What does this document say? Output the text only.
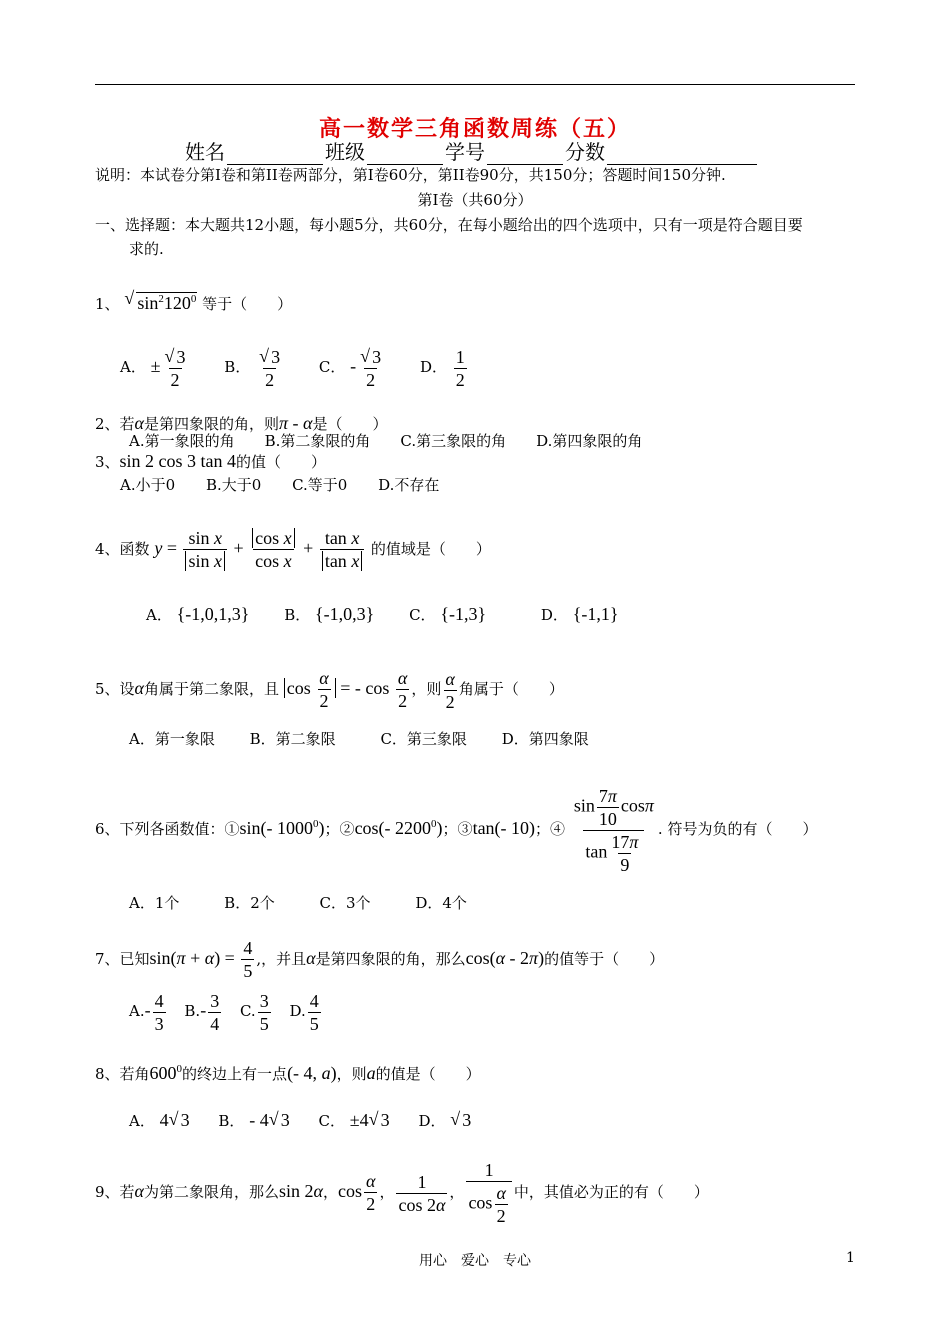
高一数学三角函数周练（五）
姓名	班级	学号	分数
说明：本试卷分第Ⅰ卷和第II卷两部分，第Ⅰ卷60分，第II卷90分，共150分；答题时间150分钟.
第Ⅰ卷（共60分）
一、选择题：本大题共12小题，每小题5分，共60分，在每小题给出的四个选项中，只有一项是符合题目要
求的.
1、 √ $\sin^2120^0$ 等于（　　）
A． ± √ $\frac{3}{2}$ B． √ $\frac{3}{2}$ C． - √ $\frac{3}{2}$ D． $\frac{1}{2}$
2、若α是第四象限的角，则π - α是（　　）
A.第一象限的角　　B.第二象限的角　　C.第三象限的角　　D.第四象限的角
3、sin 2 cos 3 tan 4的值（　　）
A.小于0 B.大于0 C.等于0 D.不存在
4、函数 $y = \frac{\text{sin x}}{\text{sin x}} + \frac{\text{cos x}}{\text{cos x}} + \frac{\text{tan x}}{\text{tan x}}$ 的值域是（　　）
A． {-1,0,1,3} B． {-1,0,3} C． {-1,3}	D． {-1,1}
5、设α角属于第二象限，且 $\cos \frac{\alpha}{2}$ = - $\cos \frac{\alpha}{2}$ ，则 $\frac{\alpha}{2}$ 角属于（　　）
A．第一象限 B．第二象限	C．第三象限 D．第四象限
6、下列各函数值：①sin(- 1000$^0$)；②cos(- 2200$^0$)；③tan(- 10)；④ $\frac{\sin \frac{7\pi}{10} \cos\pi}{\tan \frac{17\pi}{9}}$ . 符号为负的有（　　）
A．1个	B．2个	C．3个	D．4个
7、已知$\sin(\pi + \alpha) = \frac{4}{5}$ ,，并且α是第四象限的角，那么cos(α - 2π)的值等于（　　）
$A.- \frac{4}{3} B.- \frac{3}{4} C$. $\frac{3}{5} D$. $\frac{4}{5}$
8、若角$600^0$的终边上有一点(- 4, a)，则a的值是（　　）
A． 4 √ 3 B． - 4 √ 3 C． ±4 √ 3 D． √ 3
9、若α为第二象限角，那么sin 2α，$\cos \frac{\alpha}{2}$ ， $\frac{1}{\cos 2\alpha}$ ， $\frac{1}{\cos \frac{\alpha}{2}}$ 中，其值必为正的有（　　）
用心　爱心　专心	1
